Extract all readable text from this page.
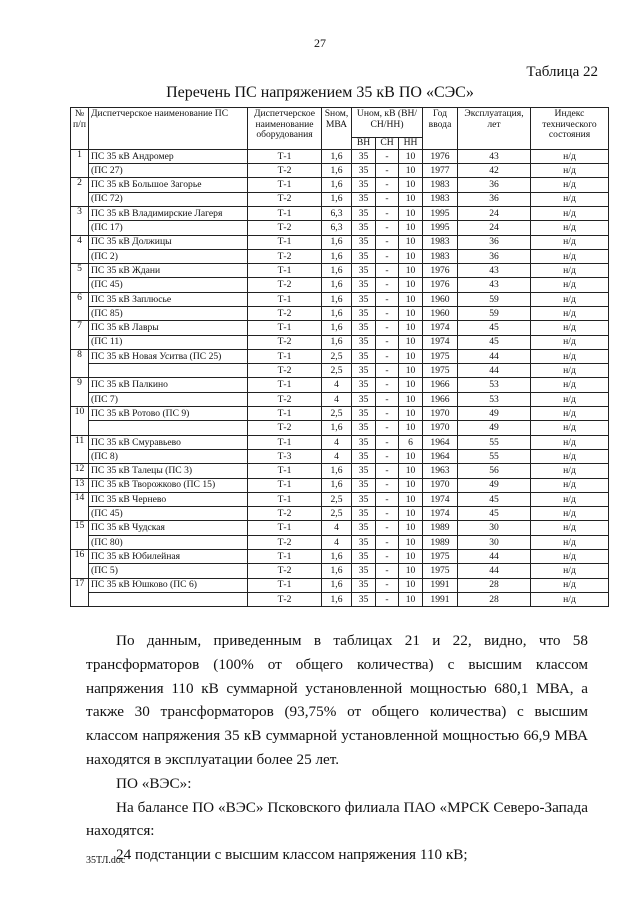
27
Таблица 22
Перечень ПС напряжением 35 кВ ПО «СЭС»
№ п/п	Диспетчерское наименование ПС	Диспетчерское наименование оборудования	Sном, МВА	Uном, кВ (ВН/СН/НН)			Год ввода	Эксплуатация, лет	Индекс технического состояния
				ВН	СН	НН			
1	ПС 35 кВ Андромер	Т-1	1,6	35	-	10	1976	43	н/д
	(ПС 27)	Т-2	1,6	35	-	10	1977	42	н/д
2	ПС 35 кВ Большое Загорье	Т-1	1,6	35	-	10	1983	36	н/д
	(ПС 72)	Т-2	1,6	35	-	10	1983	36	н/д
3	ПС 35 кВ Владимирские Лагеря	Т-1	6,3	35	-	10	1995	24	н/д
	(ПС 17)	Т-2	6,3	35	-	10	1995	24	н/д
4	ПС 35 кВ Должицы	Т-1	1,6	35	-	10	1983	36	н/д
	(ПС 2)	Т-2	1,6	35	-	10	1983	36	н/д
5	ПС 35 кВ Ждани	Т-1	1,6	35	-	10	1976	43	н/д
	(ПС 45)	Т-2	1,6	35	-	10	1976	43	н/д
6	ПС 35 кВ Заплюсье	Т-1	1,6	35	-	10	1960	59	н/д
	(ПС 85)	Т-2	1,6	35	-	10	1960	59	н/д
7	ПС 35 кВ Лавры	Т-1	1,6	35	-	10	1974	45	н/д
	(ПС 11)	Т-2	1,6	35	-	10	1974	45	н/д
8	ПС 35 кВ Новая Уситва (ПС 25)	Т-1	2,5	35	-	10	1975	44	н/д
		Т-2	2,5	35	-	10	1975	44	н/д
9	ПС 35 кВ Палкино	Т-1	4	35	-	10	1966	53	н/д
	(ПС 7)	Т-2	4	35	-	10	1966	53	н/д
10	ПС 35 кВ Ротово (ПС 9)	Т-1	2,5	35	-	10	1970	49	н/д
		Т-2	1,6	35	-	10	1970	49	н/д
11	ПС 35 кВ Смуравьево	Т-1	4	35	-	6	1964	55	н/д
	(ПС 8)	Т-3	4	35	-	10	1964	55	н/д
12	ПС 35 кВ Талецы (ПС 3)	Т-1	1,6	35	-	10	1963	56	н/д
13	ПС 35 кВ Творожково (ПС 15)	Т-1	1,6	35	-	10	1970	49	н/д
14	ПС 35 кВ Чернево	Т-1	2,5	35	-	10	1974	45	н/д
	(ПС 45)	Т-2	2,5	35	-	10	1974	45	н/д
15	ПС 35 кВ Чудская	Т-1	4	35	-	10	1989	30	н/д
	(ПС 80)	Т-2	4	35	-	10	1989	30	н/д
16	ПС 35 кВ Юбилейная	Т-1	1,6	35	-	10	1975	44	н/д
	(ПС 5)	Т-2	1,6	35	-	10	1975	44	н/д
17	ПС 35 кВ Юшково (ПС 6)	Т-1	1,6	35	-	10	1991	28	н/д
		Т-2	1,6	35	-	10	1991	28	н/д

По данным, приведенным в таблицах 21 и 22, видно, что 58 трансформаторов (100% от общего количества) с высшим классом напряжения 110 кВ суммарной установленной мощностью 680,1 МВА, а также 30 трансформаторов (93,75% от общего количества) с высшим классом напряжения 35 кВ суммарной установленной мощностью 66,9 МВА находятся в эксплуатации более 25 лет.

ПО «ВЭС»:

На балансе ПО «ВЭС» Псковского филиала ПАО «МРСК Северо-Запада находятся:

24 подстанции с высшим классом напряжения 110 кВ;

35ТЛ.doc
